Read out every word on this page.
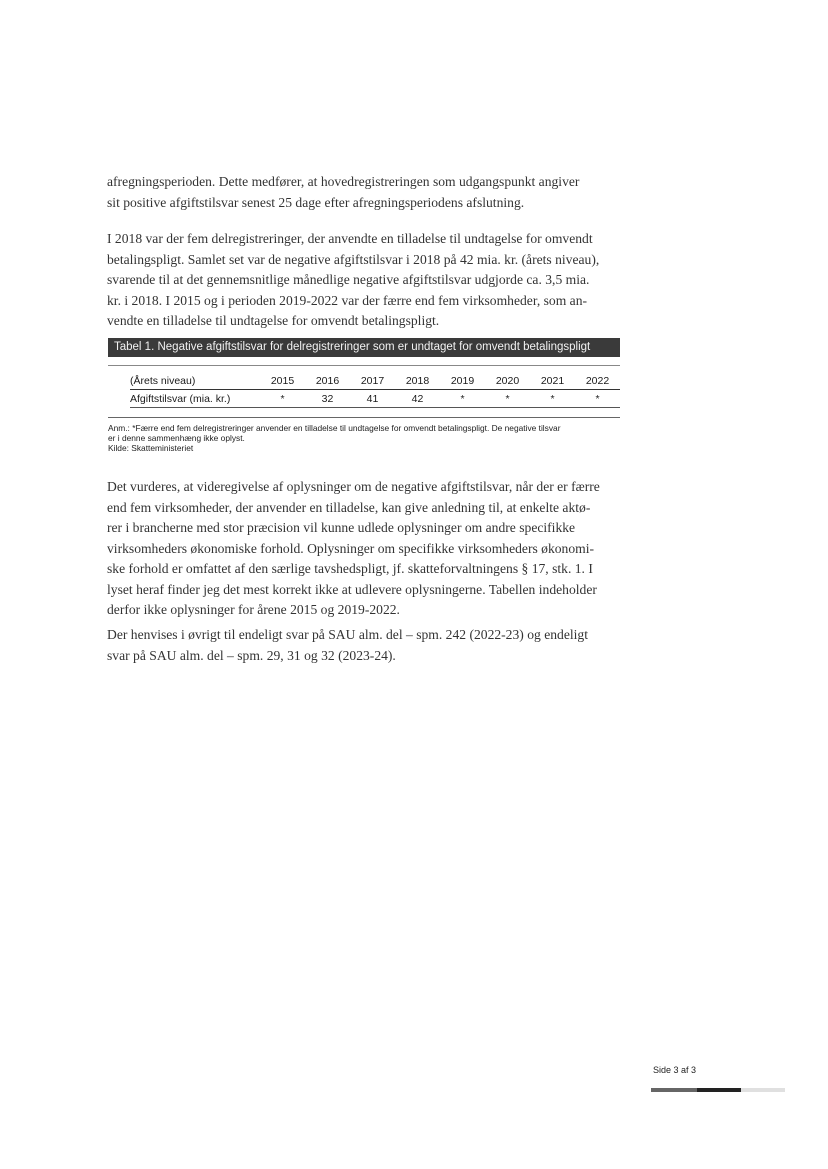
afregningsperioden. Dette medfører, at hovedregistreringen som udgangspunkt angiver
sit positive afgiftstilsvar senest 25 dage efter afregningsperiodens afslutning.
I 2018 var der fem delregistreringer, der anvendte en tilladelse til undtagelse for omvendt
betalingspligt. Samlet set var de negative afgiftstilsvar i 2018 på 42 mia. kr. (årets niveau),
svarende til at det gennemsnitlige månedlige negative afgiftstilsvar udgjorde ca. 3,5 mia.
kr. i 2018. I 2015 og i perioden 2019-2022 var der færre end fem virksomheder, som an-
vendte en tilladelse til undtagelse for omvendt betalingspligt.
Tabel 1. Negative afgiftstilsvar for delregistreringer som er undtaget for omvendt betalingspligt
(Årets niveau)	2015	2016	2017	2018	2019	2020	2021	2022
Afgiftstilsvar (mia. kr.)	*	32	41	42	*	*	*	*
Anm.: *Færre end fem delregistreringer anvender en tilladelse til undtagelse for omvendt betalingspligt. De negative tilsvar
er i denne sammenhæng ikke oplyst.
Kilde: Skatteministeriet
Det vurderes, at videregivelse af oplysninger om de negative afgiftstilsvar, når der er færre
end fem virksomheder, der anvender en tilladelse, kan give anledning til, at enkelte aktø-
rer i brancherne med stor præcision vil kunne udlede oplysninger om andre specifikke
virksomheders økonomiske forhold. Oplysninger om specifikke virksomheders økonomi-
ske forhold er omfattet af den særlige tavshedspligt, jf. skatteforvaltningens § 17, stk. 1. I
lyset heraf finder jeg det mest korrekt ikke at udlevere oplysningerne. Tabellen indeholder
derfor ikke oplysninger for årene 2015 og 2019-2022.
Der henvises i øvrigt til endeligt svar på SAU alm. del – spm. 242 (2022-23) og endeligt
svar på SAU alm. del – spm. 29, 31 og 32 (2023-24).
Side 3 af 3
